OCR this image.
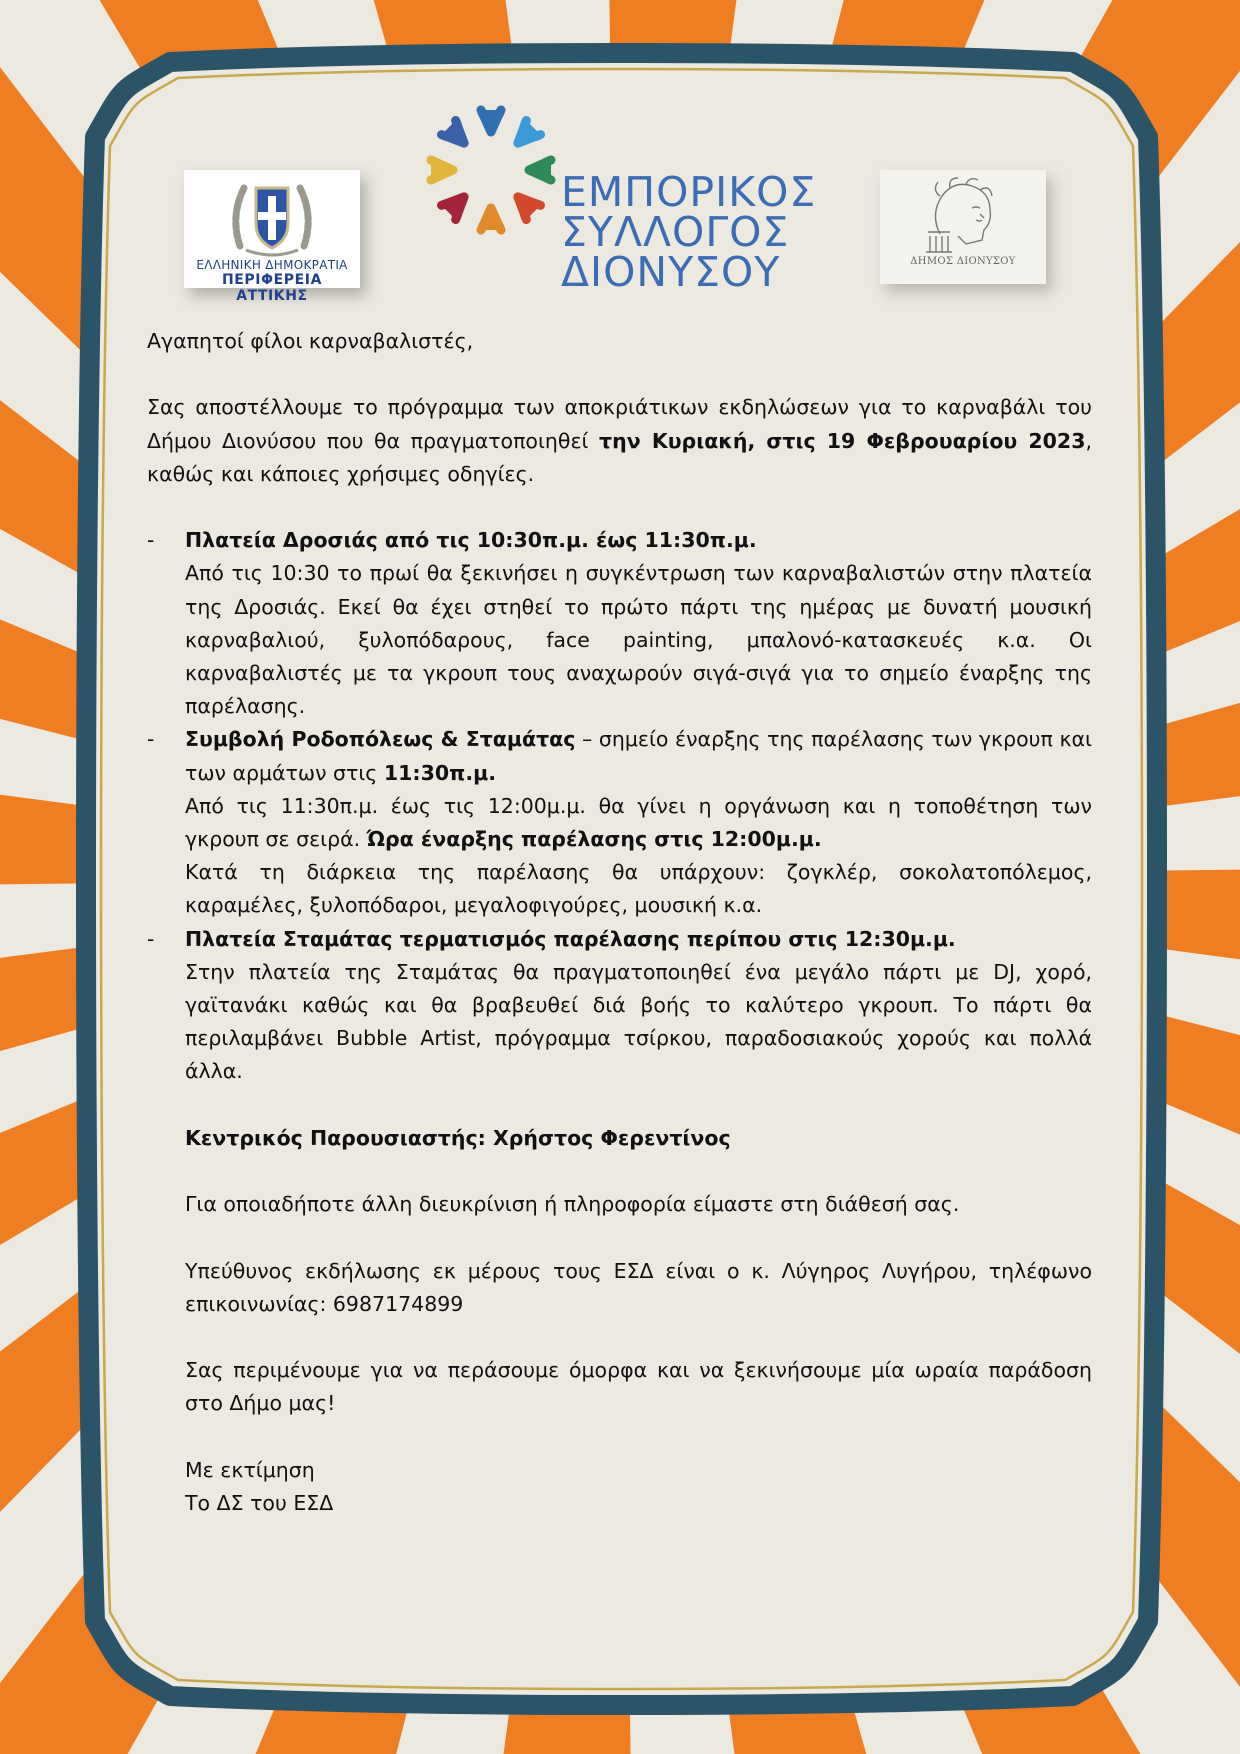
ΕΛΛΗΝΙΚΗ ΔΗΜΟΚΡΑΤΙΑ
ΠΕΡΙΦΕΡΕΙΑ ΑΤΤΙΚΗΣ
ΕΜΠΟΡΙΚΟΣ
ΣΥΛΛΟΓΟΣ
ΔΙΟΝΥΣΟΥ	ΔΗΜΟΣ ΔΙΟΝΥΣΟΥ

Αγαπητοί φίλοι καρναβαλιστές,

Σας αποστέλλουμε το πρόγραμμα των αποκριάτικων εκδηλώσεων για το καρναβάλι του Δήμου Διονύσου που θα πραγματοποιηθεί την Κυριακή, στις 19 Φεβρουαρίου 2023, καθώς και κάποιες χρήσιμες οδηγίες.

- Πλατεία Δροσιάς από τις 10:30π.μ. έως 11:30π.μ.

Από τις 10:30 το πρωί θα ξεκινήσει η συγκέντρωση των καρναβαλιστών στην πλατεία της Δροσιάς. Εκεί θα έχει στηθεί το πρώτο πάρτι της ημέρας με δυνατή μουσική καρναβαλιού, ξυλοπόδαρους, face painting, μπαλονό-κατασκευές κ.α. Οι καρναβαλιστές με τα γκρουπ τους αναχωρούν σιγά-σιγά για το σημείο έναρξης της παρέλασης.

- Συμβολή Ροδοπόλεως & Σταμάτας – σημείο έναρξης της παρέλασης των γκρουπ και των αρμάτων στις 11:30π.μ.

Από τις 11:30π.μ. έως τις 12:00μ.μ. θα γίνει η οργάνωση και η τοποθέτηση των γκρουπ σε σειρά. Ώρα έναρξης παρέλασης στις 12:00μ.μ.

Κατά τη διάρκεια της παρέλασης θα υπάρχουν: ζογκλέρ, σοκολατοπόλεμος, καραμέλες, ξυλοπόδαροι, μεγαλοφιγούρες, μουσική κ.α.

- Πλατεία Σταμάτας τερματισμός παρέλασης περίπου στις 12:30μ.μ.

Στην πλατεία της Σταμάτας θα πραγματοποιηθεί ένα μεγάλο πάρτι με DJ, χορό, γαϊτανάκι καθώς και θα βραβευθεί διά βοής το καλύτερο γκρουπ. Το πάρτι θα περιλαμβάνει Bubble Artist, πρόγραμμα τσίρκου, παραδοσιακούς χορούς και πολλά άλλα.

Κεντρικός Παρουσιαστής: Χρήστος Φερεντίνος

Για οποιαδήποτε άλλη διευκρίνιση ή πληροφορία είμαστε στη διάθεσή σας.

Υπεύθυνος εκδήλωσης εκ μέρους τους ΕΣΔ είναι ο κ. Λύγηρος Λυγήρου, τηλέφωνο επικοινωνίας: 6987174899

Σας περιμένουμε για να περάσουμε όμορφα και να ξεκινήσουμε μία ωραία παράδοση στο Δήμο μας!

Με εκτίμηση

Το ΔΣ του ΕΣΔ
